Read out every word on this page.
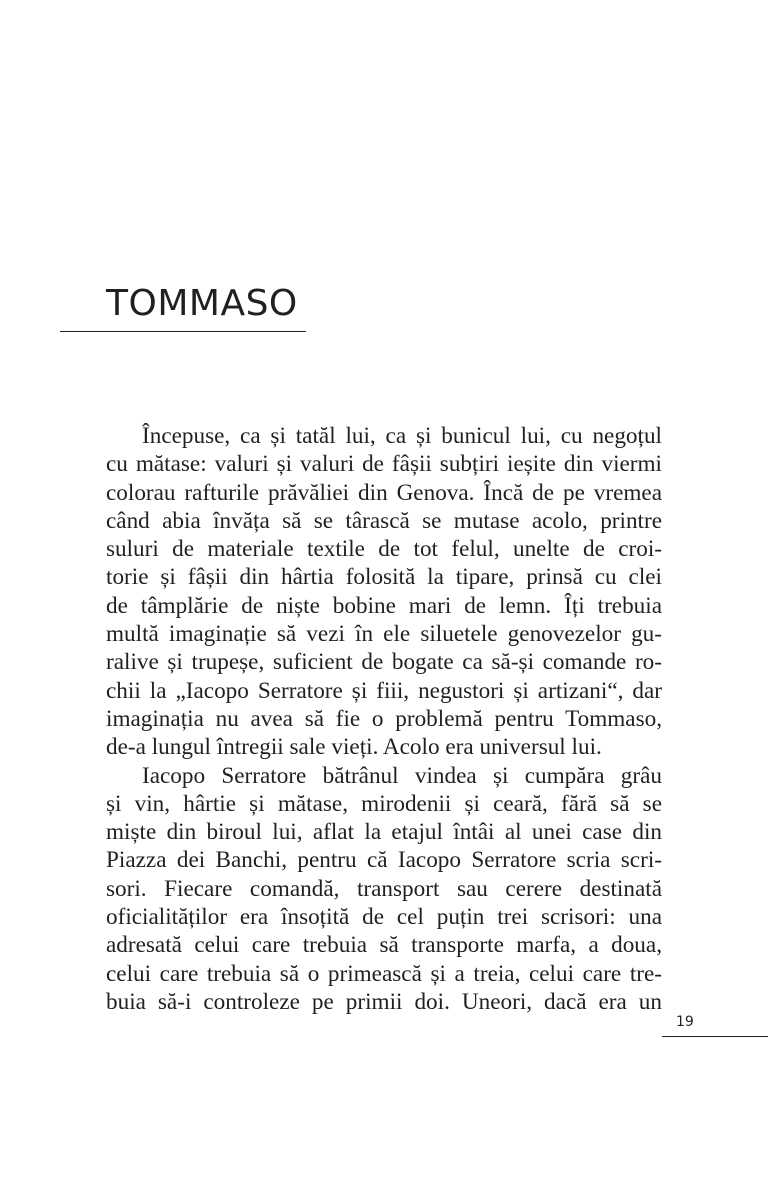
TOMMASO
Începuse, ca și tatăl lui, ca și bunicul lui, cu negoțul
cu mătase: valuri și valuri de fâșii subțiri ieșite din viermi
colorau rafturile prăvăliei din Genova. Încă de pe vremea
când abia învăța să se târască se mutase acolo, printre
suluri de materiale textile de tot felul, unelte de croi-
torie și fâșii din hârtia folosită la tipare, prinsă cu clei
de tâmplărie de niște bobine mari de lemn. Îți trebuia
multă imaginație să vezi în ele siluetele genovezelor gu-
ralive și trupeșe, suficient de bogate ca să-și comande ro-
chii la „Iacopo Serratore și fiii, negustori și artizani“, dar
imaginația nu avea să fie o problemă pentru Tommaso,
de-a lungul întregii sale vieți. Acolo era universul lui.
Iacopo Serratore bătrânul vindea și cumpăra grâu
și vin, hârtie și mătase, mirodenii și ceară, fără să se
miște din biroul lui, aflat la etajul întâi al unei case din
Piazza dei Banchi, pentru că Iacopo Serratore scria scri-
sori. Fiecare comandă, transport sau cerere destinată
oficialităților era însoțită de cel puțin trei scrisori: una
adresată celui care trebuia să transporte marfa, a doua,
celui care trebuia să o primească și a treia, celui care tre-
buia să-i controleze pe primii doi. Uneori, dacă era un
19
